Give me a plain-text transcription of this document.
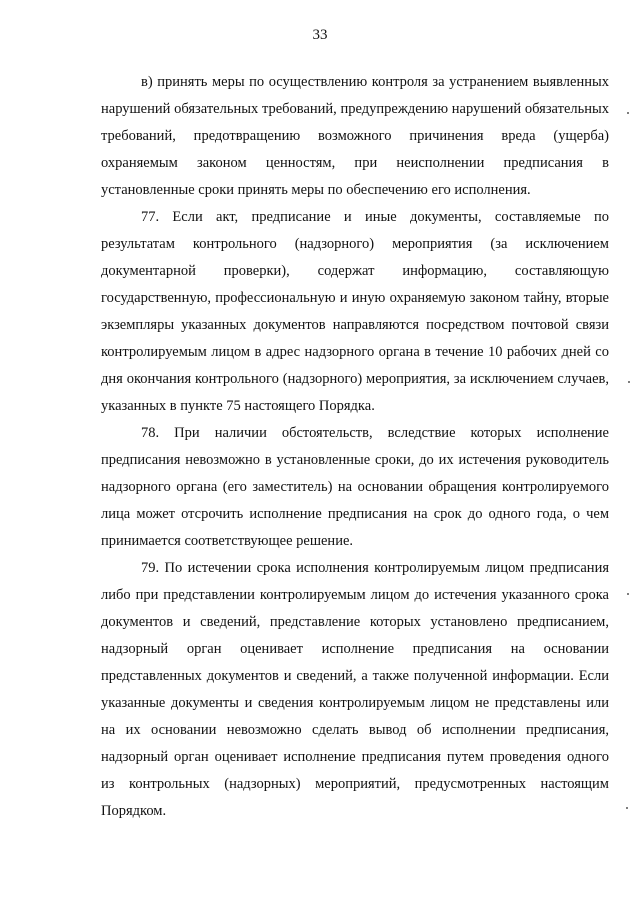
33

в) принять меры по осуществлению контроля за устранением выявленных нарушений обязательных требований, предупреждению нарушений обязательных требований, предотвращению возможного причинения вреда (ущерба) охраняемым законом ценностям, при неисполнении предписания в установленные сроки принять меры по обеспечению его исполнения.

77. Если акт, предписание и иные документы, составляемые по результатам контрольного (надзорного) мероприятия (за исключением документарной проверки), содержат информацию, составляющую государственную, профессиональную и иную охраняемую законом тайну, вторые экземпляры указанных документов направляются посредством почтовой связи контролируемым лицом в адрес надзорного органа в течение 10 рабочих дней со дня окончания контрольного (надзорного) мероприятия, за исключением случаев, указанных в пункте 75 настоящего Порядка.

78. При наличии обстоятельств, вследствие которых исполнение предписания невозможно в установленные сроки, до их истечения руководитель надзорного органа (его заместитель) на основании обращения контролируемого лица может отсрочить исполнение предписания на срок до одного года, о чем принимается соответствующее решение.

79. По истечении срока исполнения контролируемым лицом предписания либо при представлении контролируемым лицом до истечения указанного срока документов и сведений, представление которых установлено предписанием, надзорный орган оценивает исполнение предписания на основании представленных документов и сведений, а также полученной информации. Если указанные документы и сведения контролируемым лицом не представлены или на их основании невозможно сделать вывод об исполнении предписания, надзорный орган оценивает исполнение предписания путем проведения одного из контрольных (надзорных) мероприятий, предусмотренных настоящим Порядком.
